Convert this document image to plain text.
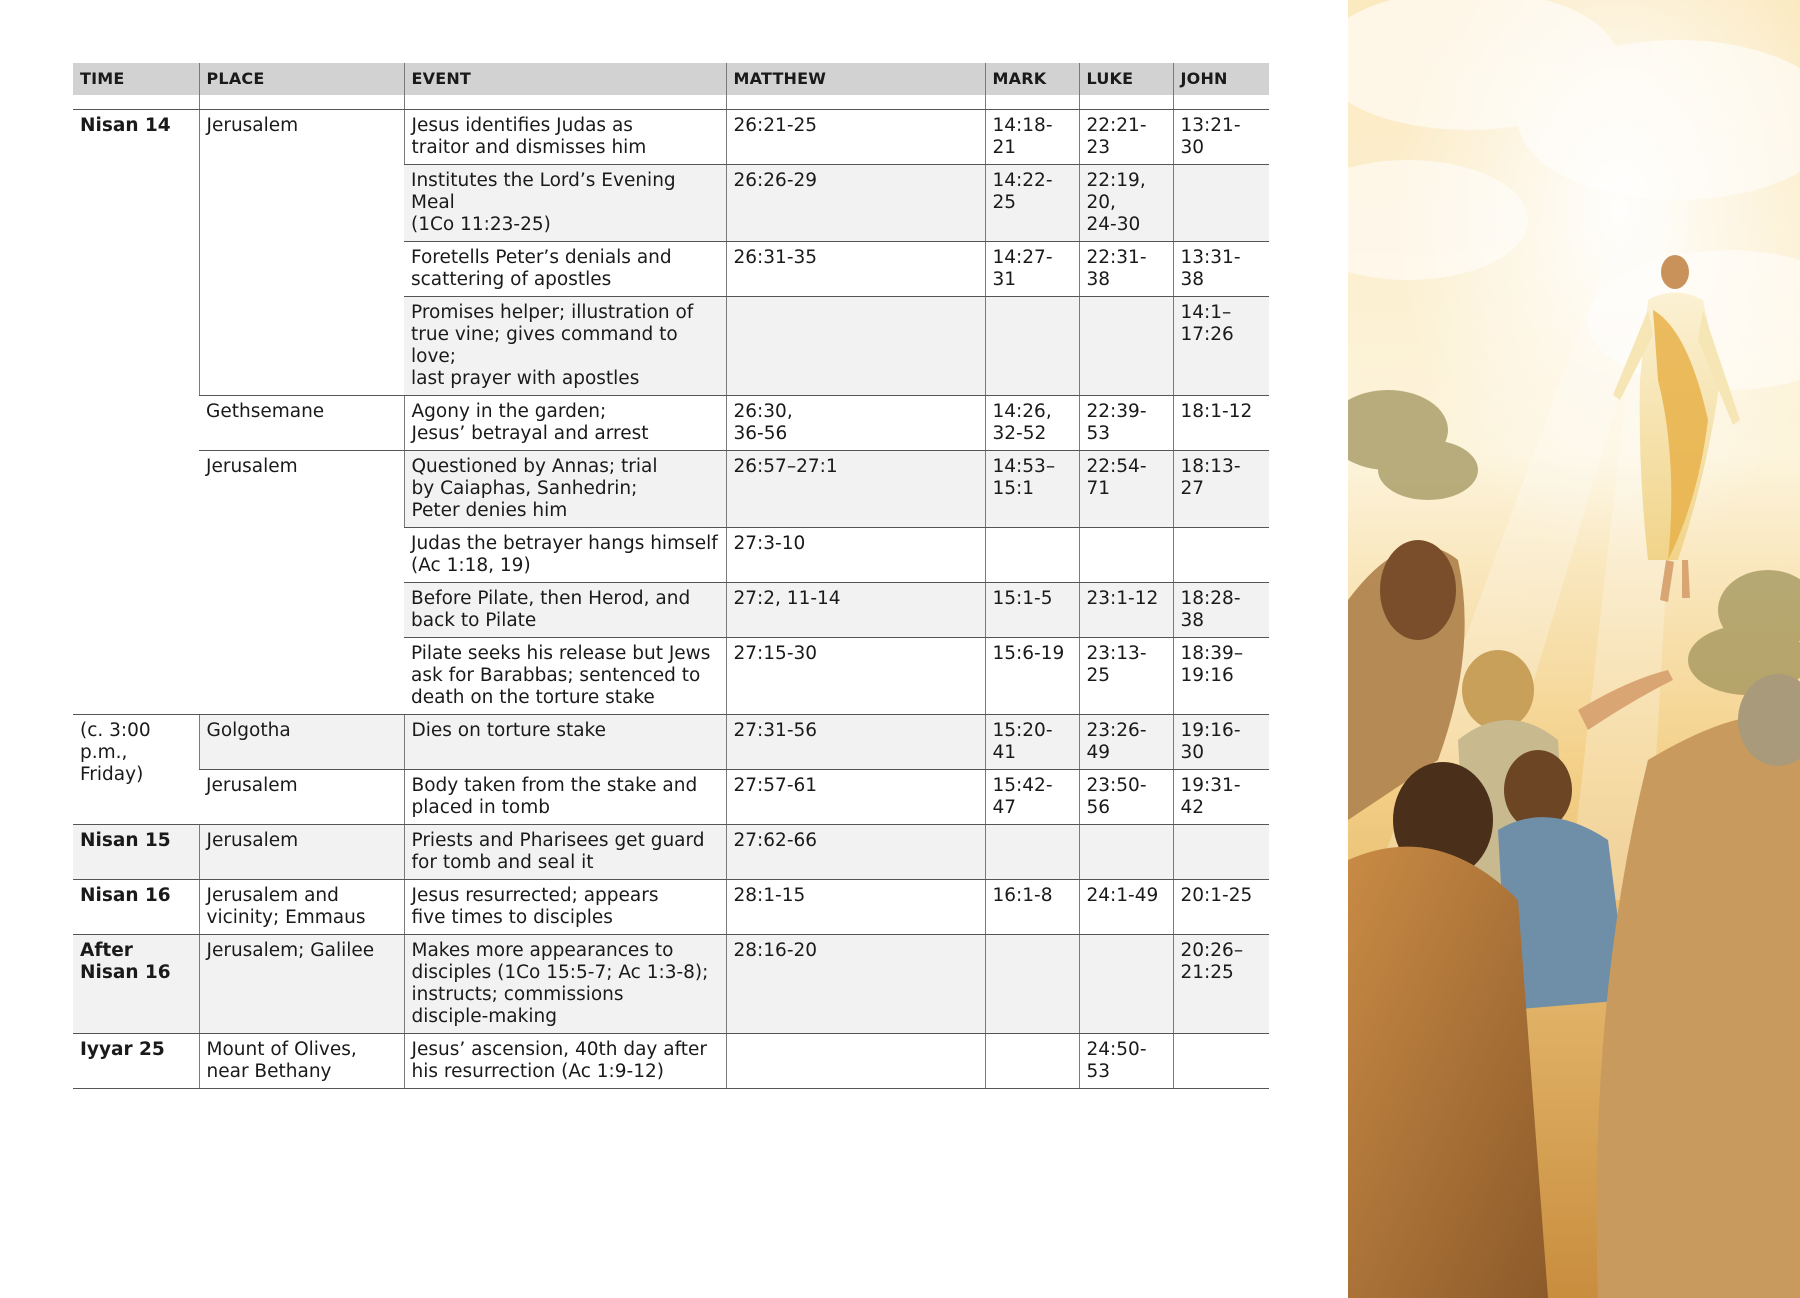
TIME	PLACE	EVENT	MATTHEW	MARK	LUKE	JOHN

Nisan 14	Jerusalem	Jesus identifies Judas as
traitor and dismisses him	26:21-25	14:18-21	22:21-23	13:21-30
		Institutes the Lord’s Evening Meal
(1Co 11:23-25)	26:26-29	14:22-25	22:19, 20,
24-30	
		Foretells Peter’s denials and
scattering of apostles	26:31-35	14:27-31	22:31-38	13:31-38
		Promises helper; illustration of
true vine; gives command to love;
last prayer with apostles				14:1–
17:26
	Gethsemane	Agony in the garden;
Jesus’ betrayal and arrest	26:30,
36-56	14:26,
32-52	22:39-53	18:1-12
	Jerusalem	Questioned by Annas; trial
by Caiaphas, Sanhedrin;
Peter denies him	26:57–27:1	14:53–
15:1	22:54-71	18:13-27
		Judas the betrayer hangs himself
(Ac 1:18, 19)	27:3-10			
		Before Pilate, then Herod, and
back to Pilate	27:2, 11-14	15:1-5	23:1-12	18:28-
38
		Pilate seeks his release but Jews
ask for Barabbas; sentenced to
death on the torture stake	27:15-30	15:6-19	23:13-25	18:39–
19:16
(c. 3:00 p.m.,
Friday)	Golgotha	Dies on torture stake	27:31-56	15:20-41	23:26-49	19:16-30
	Jerusalem	Body taken from the stake and
placed in tomb	27:57-61	15:42-47	23:50-56	19:31-42
Nisan 15	Jerusalem	Priests and Pharisees get guard
for tomb and seal it	27:62-66			
Nisan 16	Jerusalem and
vicinity; Emmaus	Jesus resurrected; appears
five times to disciples	28:1-15	16:1-8	24:1-49	20:1-25
After
Nisan 16	Jerusalem; Galilee	Makes more appearances to
disciples (1Co 15:5-7; Ac 1:3-8);
instructs; commissions
disciple-making	28:16-20			20:26–
21:25
Iyyar 25	Mount of Olives,
near Bethany	Jesus’ ascension, 40th day after
his resurrection (Ac 1:9-12)			24:50-53	
